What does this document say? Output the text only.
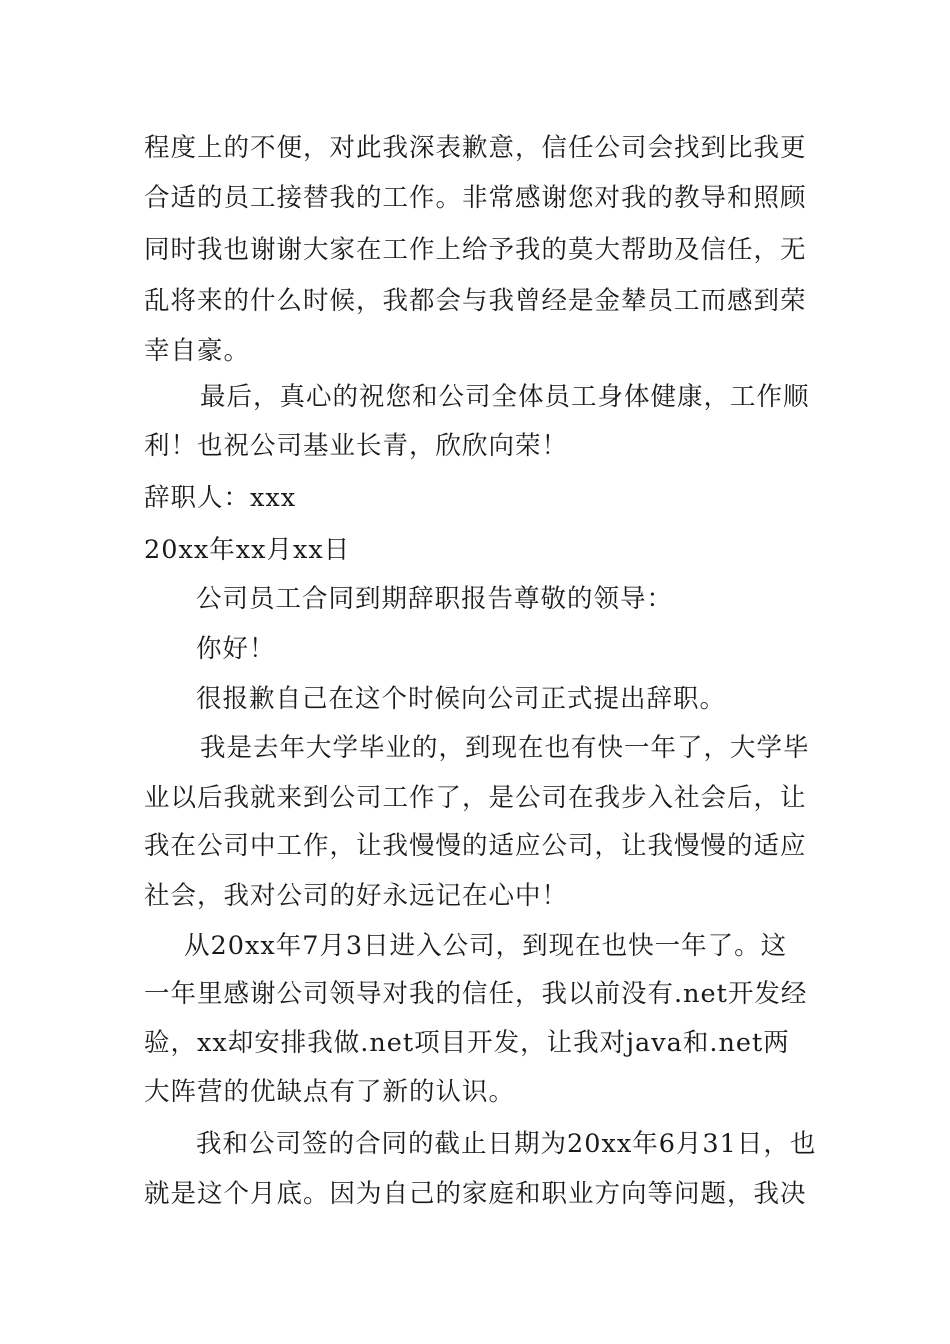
程度上的不便，对此我深表歉意，信任公司会找到比我更
合适的员工接替我的工作。非常感谢您对我的教导和照顾
同时我也谢谢大家在工作上给予我的莫大帮助及信任，无
乱将来的什么时候，我都会与我曾经是金辇员工而感到荣
幸自豪。
最后，真心的祝您和公司全体员工身体健康，工作顺
利！也祝公司基业长青，欣欣向荣！
辞职人：xxx
20xx年xx月xx日
公司员工合同到期辞职报告尊敬的领导：
你好！
很报歉自己在这个时候向公司正式提出辞职。
我是去年大学毕业的，到现在也有快一年了，大学毕
业以后我就来到公司工作了，是公司在我步入社会后，让
我在公司中工作，让我慢慢的适应公司，让我慢慢的适应
社会，我对公司的好永远记在心中！
从20xx年7月3日进入公司，到现在也快一年了。这
一年里感谢公司领导对我的信任，我以前没有.net开发经
验，xx却安排我做.net项目开发，让我对java和.net两
大阵营的优缺点有了新的认识。
我和公司签的合同的截止日期为20xx年6月31日，也
就是这个月底。因为自己的家庭和职业方向等问题，我决
